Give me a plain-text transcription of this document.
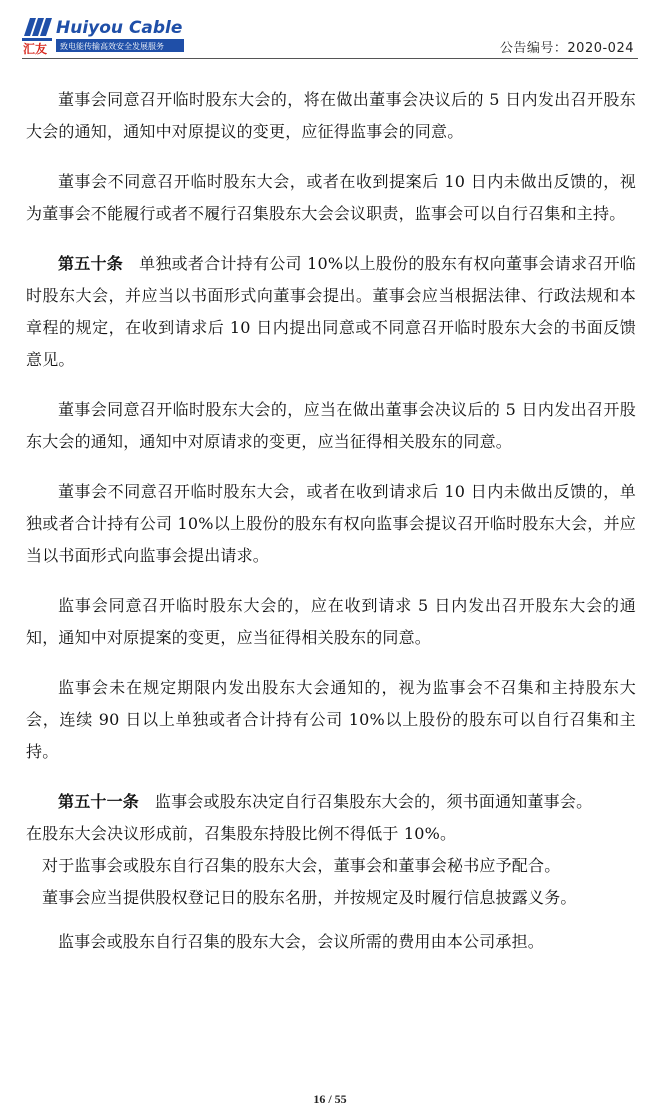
汇友
Huiyou Cable
致电能传输高效安全发展服务	公告编号：2020-024

董事会同意召开临时股东大会的，将在做出董事会决议后的 5 日内发出召开股东大会的通知，通知中对原提议的变更，应征得监事会的同意。

董事会不同意召开临时股东大会，或者在收到提案后 10 日内未做出反馈的，视为董事会不能履行或者不履行召集股东大会会议职责，监事会可以自行召集和主持。

第五十条 单独或者合计持有公司 10%以上股份的股东有权向董事会请求召开临时股东大会，并应当以书面形式向董事会提出。董事会应当根据法律、行政法规和本章程的规定，在收到请求后 10 日内提出同意或不同意召开临时股东大会的书面反馈意见。

董事会同意召开临时股东大会的，应当在做出董事会决议后的 5 日内发出召开股东大会的通知，通知中对原请求的变更，应当征得相关股东的同意。

董事会不同意召开临时股东大会，或者在收到请求后 10 日内未做出反馈的，单独或者合计持有公司 10%以上股份的股东有权向监事会提议召开临时股东大会，并应当以书面形式向监事会提出请求。

监事会同意召开临时股东大会的，应在收到请求 5 日内发出召开股东大会的通知，通知中对原提案的变更，应当征得相关股东的同意。

监事会未在规定期限内发出股东大会通知的，视为监事会不召集和主持股东大会，连续 90 日以上单独或者合计持有公司 10%以上股份的股东可以自行召集和主持。

第五十一条 监事会或股东决定自行召集股东大会的，须书面通知董事会。

在股东大会决议形成前，召集股东持股比例不得低于 10%。

对于监事会或股东自行召集的股东大会，董事会和董事会秘书应予配合。

董事会应当提供股权登记日的股东名册，并按规定及时履行信息披露义务。

监事会或股东自行召集的股东大会，会议所需的费用由本公司承担。

16 / 55
